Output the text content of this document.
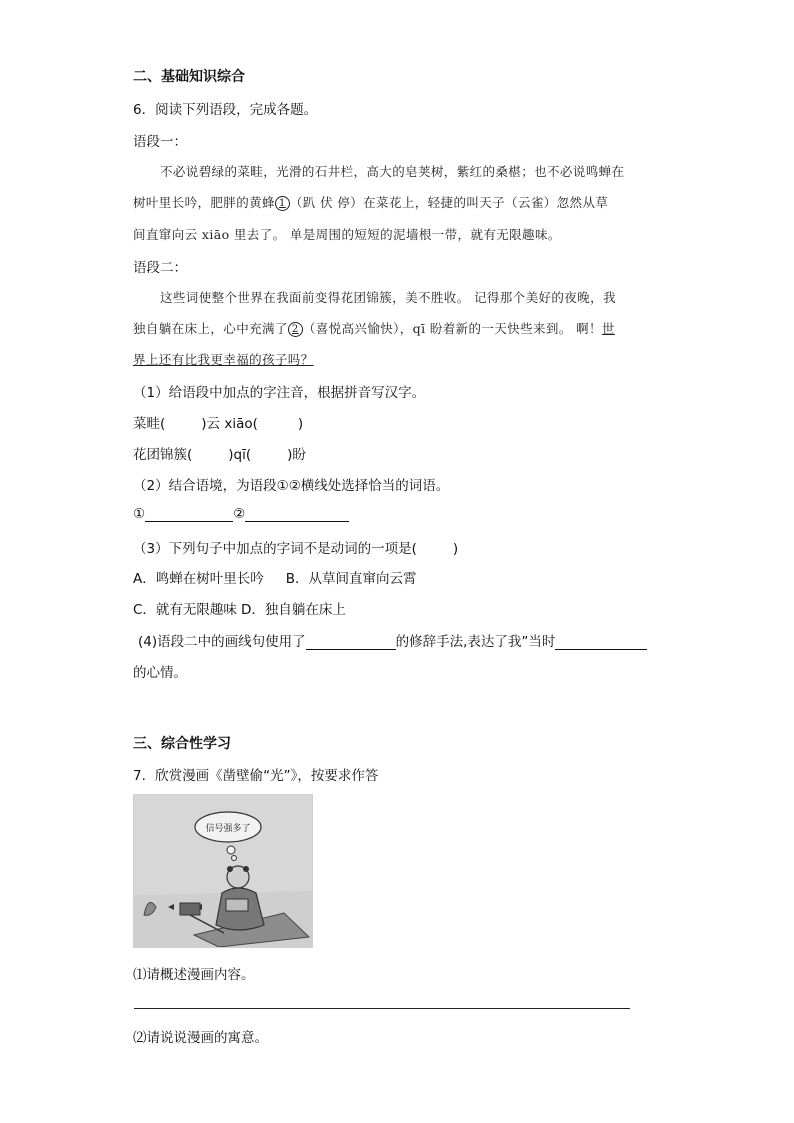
二、基础知识综合
6．阅读下列语段，完成各题。
语段一：
不必说碧绿的菜畦，光滑的石井栏，高大的皂荚树，紫红的桑椹；也不必说鸣蝉在
树叶里长吟，肥胖的黄蜂 1 （趴 伏 停）在菜花上，轻捷的叫天子（云雀）忽然从草
间直窜向云 xiāo 里去了。 单是周围的短短的泥墙根一带，就有无限趣味。
语段二：
这些词使整个世界在我面前变得花团锦簇，美不胜收。 记得那个美好的夜晚，我
独自躺在床上，心中充满了 2 （喜悦高兴愉快），qī 盼着新的一天快些来到。 啊！世
界上还有比我更幸福的孩子吗？
（1）给语段中加点的字注音，根据拼音写汉字。
菜畦(	)云 xiāo(	)
花团锦簇(	)qī(	)盼
（2）结合语境，为语段①②横线处选择恰当的词语。
①	②
（3）下列句子中加点的字词不是动词的一项是(	)
A．鸣蝉在树叶里长吟 B．从草间直窜向云霄
C．就有无限趣味 D．独自躺在床上
(4)语段二中的画线句使用了	的修辞手法,表达了我”当时
的心情。
三、综合性学习
7．欣赏漫画《凿壁偷“光”》，按要求作答
信号强多了
⑴请概述漫画内容。
⑵请说说漫画的寓意。
